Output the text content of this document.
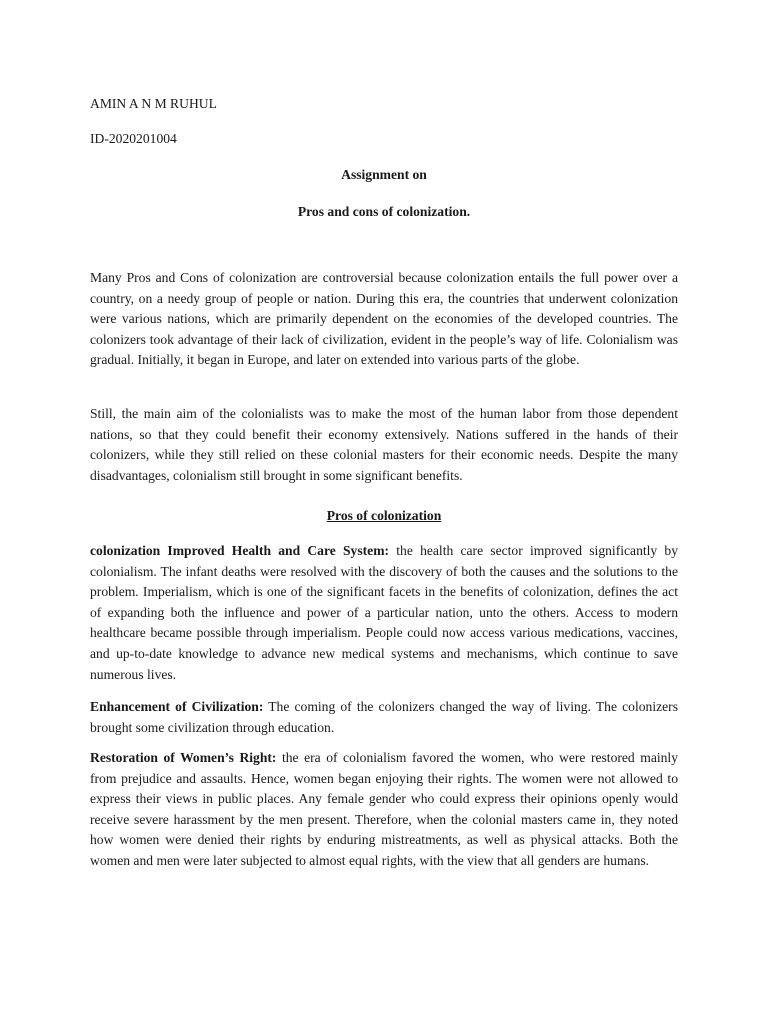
AMIN A N M RUHUL
ID-2020201004
Assignment on
Pros and cons of colonization.

Many Pros and Cons of colonization are controversial because colonization entails the full power over a country, on a needy group of people or nation. During this era, the countries that underwent colonization were various nations, which are primarily dependent on the economies of the developed countries. The colonizers took advantage of their lack of civilization, evident in the people’s way of life. Colonialism was gradual. Initially, it began in Europe, and later on extended into various parts of the globe.

Still, the main aim of the colonialists was to make the most of the human labor from those dependent nations, so that they could benefit their economy extensively. Nations suffered in the hands of their colonizers, while they still relied on these colonial masters for their economic needs. Despite the many disadvantages, colonialism still brought in some significant benefits.

Pros of colonization

colonization Improved Health and Care System: the health care sector improved significantly by colonialism. The infant deaths were resolved with the discovery of both the causes and the solutions to the problem. Imperialism, which is one of the significant facets in the benefits of colonization, defines the act of expanding both the influence and power of a particular nation, unto the others. Access to modern healthcare became possible through imperialism. People could now access various medications, vaccines, and up-to-date knowledge to advance new medical systems and mechanisms, which continue to save numerous lives.

Enhancement of Civilization: The coming of the colonizers changed the way of living. The colonizers brought some civilization through education.

Restoration of Women’s Right: the era of colonialism favored the women, who were restored mainly from prejudice and assaults. Hence, women began enjoying their rights. The women were not allowed to express their views in public places. Any female gender who could express their opinions openly would receive severe harassment by the men present. Therefore, when the colonial masters came in, they noted how women were denied their rights by enduring mistreatments, as well as physical attacks. Both the women and men were later subjected to almost equal rights, with the view that all genders are humans.
